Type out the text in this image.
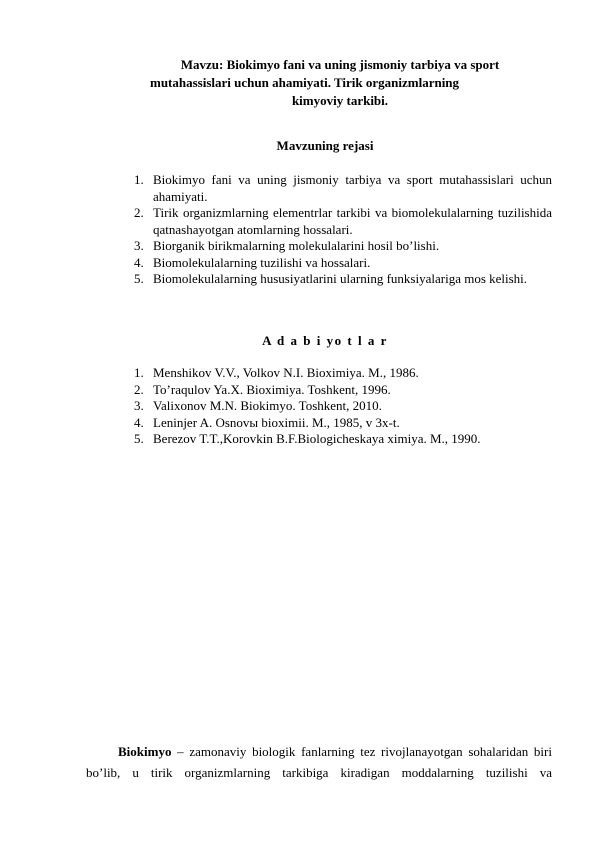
Mavzu: Biokimyo fani va uning jismoniy tarbiya va sport
mutahassislari uchun ahamiyati. Tirik organizmlarning
kimyoviy tarkibi.
Mavzuning rejasi
1. Biokimyo fani va uning jismoniy tarbiya va sport mutahassislari uchun ahamiyati.
2. Tirik organizmlarning elementrlar tarkibi va biomolekulalarning tuzilishida qatnashayotgan atomlarning hossalari.
3. Biorganik birikmalarning molekulalarini hosil bo’lishi.
4. Biomolekulalarning tuzilishi va hossalari.
5. Biomolekulalarning hususiyatlarini ularning funksiyalariga mos kelishi.
A d a b i yo t l a r
1. Menshikov V.V., Volkov N.I. Bioximiya. M., 1986.
2. To’raqulov Ya.X. Bioximiya. Toshkent, 1996.
3. Valixonov M.N. Biokimyo. Toshkent, 2010.
4. Leninjer A. Osnovы bioximii. M., 1985, v 3x-t.
5. Berezov T.T.,Korovkin B.F.Biologicheskaya ximiya. M., 1990.

Biokimyo – zamonaviy biologik fanlarning tez rivojlanayotgan sohalaridan biri bo’lib, u tirik organizmlarning tarkibiga kiradigan moddalarning tuzilishi va
